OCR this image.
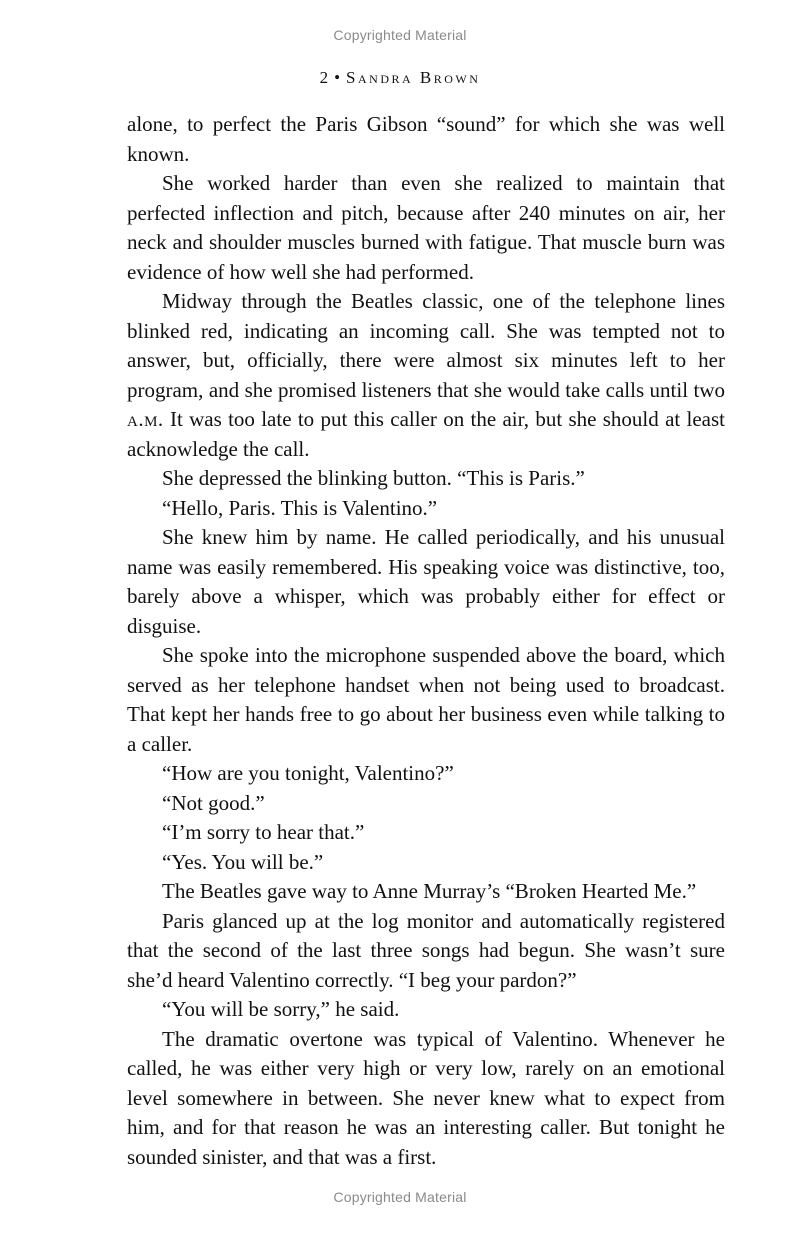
Copyrighted Material
2 • Sandra Brown

alone, to perfect the Paris Gibson “sound” for which she was well known.

She worked harder than even she realized to maintain that perfected inflection and pitch, because after 240 minutes on air, her neck and shoulder muscles burned with fatigue. That muscle burn was evidence of how well she had performed.

Midway through the Beatles classic, one of the telephone lines blinked red, indicating an incoming call. She was tempted not to answer, but, officially, there were almost six minutes left to her program, and she promised listeners that she would take calls until two a.m. It was too late to put this caller on the air, but she should at least acknowledge the call.

She depressed the blinking button. “This is Paris.”

“Hello, Paris. This is Valentino.”

She knew him by name. He called periodically, and his unusual name was easily remembered. His speaking voice was distinctive, too, barely above a whisper, which was probably either for effect or disguise.

She spoke into the microphone suspended above the board, which served as her telephone handset when not being used to broadcast. That kept her hands free to go about her business even while talking to a caller.

“How are you tonight, Valentino?”

“Not good.”

“I’m sorry to hear that.”

“Yes. You will be.”

The Beatles gave way to Anne Murray’s “Broken Hearted Me.”

Paris glanced up at the log monitor and automatically registered that the second of the last three songs had begun. She wasn’t sure she’d heard Valentino correctly. “I beg your pardon?”

“You will be sorry,” he said.

The dramatic overtone was typical of Valentino. Whenever he called, he was either very high or very low, rarely on an emotional level somewhere in between. She never knew what to expect from him, and for that reason he was an interesting caller. But tonight he sounded sinister, and that was a first.

Copyrighted Material
